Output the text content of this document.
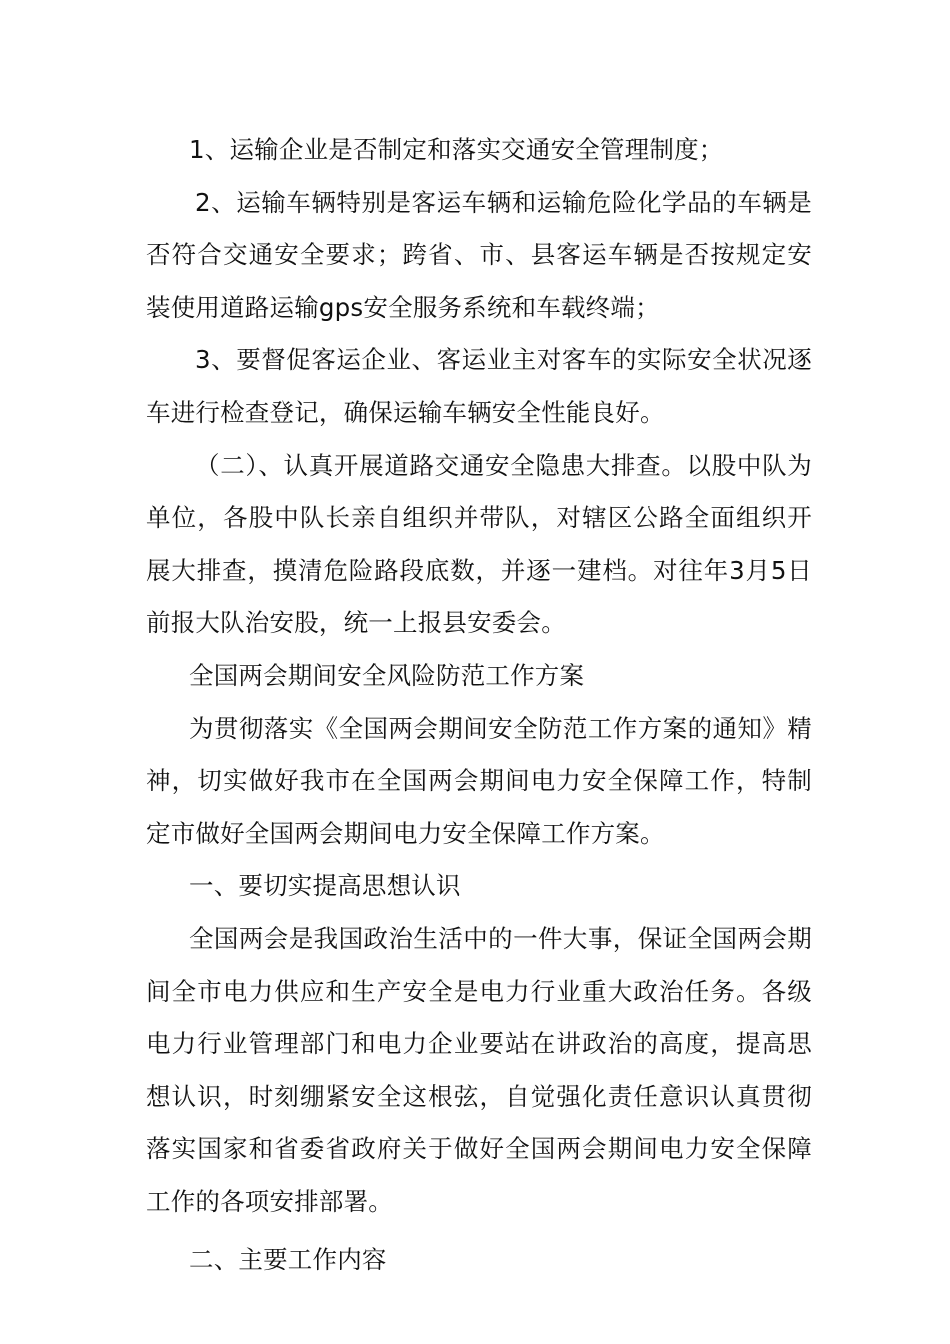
1、运输企业是否制定和落实交通安全管理制度；

2、运输车辆特别是客运车辆和运输危险化学品的车辆是否符合交通安全要求；跨省、市、县客运车辆是否按规定安装使用道路运输gps安全服务系统和车载终端；

3、要督促客运企业、客运业主对客车的实际安全状况逐车进行检查登记，确保运输车辆安全性能良好。

（二）、认真开展道路交通安全隐患大排查。以股中队为单位，各股中队长亲自组织并带队，对辖区公路全面组织开展大排查，摸清危险路段底数，并逐一建档。对往年3月5日前报大队治安股，统一上报县安委会。

全国两会期间安全风险防范工作方案

为贯彻落实《全国两会期间安全防范工作方案的通知》精神，切实做好我市在全国两会期间电力安全保障工作，特制定市做好全国两会期间电力安全保障工作方案。

一、要切实提高思想认识

全国两会是我国政治生活中的一件大事，保证全国两会期间全市电力供应和生产安全是电力行业重大政治任务。各级电力行业管理部门和电力企业要站在讲政治的高度，提高思想认识，时刻绷紧安全这根弦，自觉强化责任意识认真贯彻落实国家和省委省政府关于做好全国两会期间电力安全保障工作的各项安排部署。

二、主要工作内容
